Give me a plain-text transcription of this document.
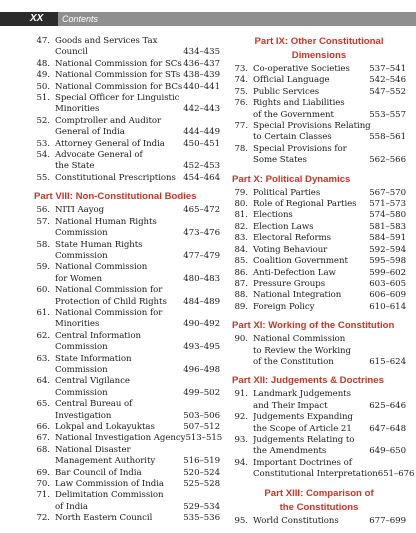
XX Contents
47. Goods and Services Tax
Council	434–435
48. National Commission for SCs 436–437
49. National Commission for STs 438–439
50. National Commission for BCs 440–441
51. Special Officer for Linguistic
Minorities	442–443
52. Comptroller and Auditor
General of India	444–449
53. Attorney General of India	450–451
54. Advocate General of
the State	452–453
55. Constitutional Prescriptions 454–464
Part VIII: Non-Constitutional Bodies
56. NITI Aayog	465–472
57. National Human Rights
Commission	473–476
58. State Human Rights
Commission	477–479
59. National Commission
for Women	480–483
60. National Commission for
Protection of Child Rights	484–489
61. National Commission for
Minorities	490–492
62. Central Information
Commission	493–495
63. State Information
Commission	496–498
64. Central Vigilance
Commission	499–502
65. Central Bureau of
Investigation	503–506
66. Lokpal and Lokayuktas	507–512
67. National Investigation Agency 513–515
68. National Disaster
Management Authority	516–519
69. Bar Council of India	520–524
70. Law Commission of India	525–528
71. Delimitation Commission
of India	529–534
72. North Eastern Council	535–536
Part IX: Other Constitutional
Dimensions
73. Co-operative Societies	537–541
74. Official Language	542–546
75. Public Services	547–552
76. Rights and Liabilities
of the Government	553–557
77. Special Provisions Relating
to Certain Classes	558–561
78. Special Provisions for
Some States	562–566
Part X: Political Dynamics
79. Political Parties	567–570
80. Role of Regional Parties	571–573
81. Elections	574–580
82. Election Laws	581–583
83. Electoral Reforms	584–591
84. Voting Behaviour	592–594
85. Coalition Government	595–598
86. Anti-Defection Law	599–602
87. Pressure Groups	603–605
88. National Integration	606–609
89. Foreign Policy	610–614
Part XI: Working of the Constitution
90. National Commission
to Review the Working
of the Constitution	615–624
Part XII: Judgements & Doctrines
91. Landmark Judgements
and Their Impact	625–646
92. Judgements Expanding
the Scope of Article 21	647–648
93. Judgements Relating to
the Amendments	649–650
94. Important Doctrines of
Constitutional Interpretation 651–676
Part XIII: Comparison of
the Constitutions
95. World Constitutions	677–699
